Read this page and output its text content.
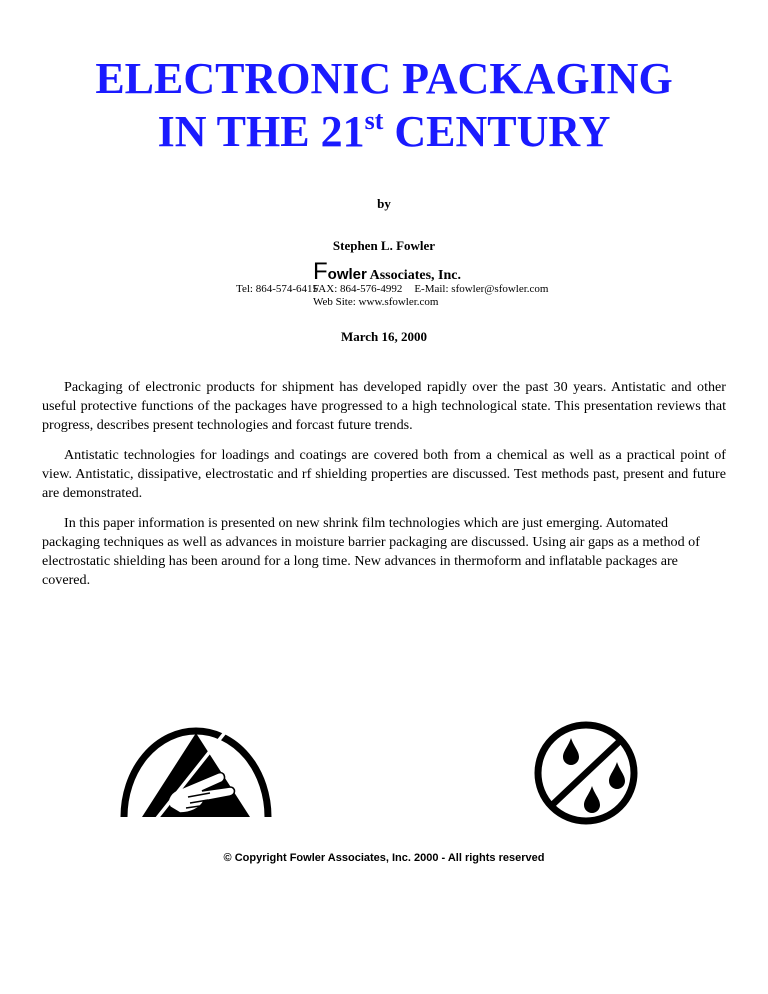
ELECTRONIC PACKAGING
IN THE 21st CENTURY
by
Stephen L. Fowler
Fowler Associates, Inc.
Tel: 864-574-6415
FAX: 864-576-4992 E-Mail: sfowler@sfowler.com
Web Site: www.sfowler.com
March 16, 2000

Packaging of electronic products for shipment has developed rapidly over the past 30 years. Antistatic and other useful protective functions of the packages have progressed to a high technological state. This presentation reviews that progress, describes present technologies and forcast future trends.

Antistatic technologies for loadings and coatings are covered both from a chemical as well as a practical point of view. Antistatic, dissipative, electrostatic and rf shielding properties are discussed. Test methods past, present and future are demonstrated.

In this paper information is presented on new shrink film technologies which are just emerging. Automated packaging techniques as well as advances in moisture barrier packaging are discussed. Using air gaps as a method of electrostatic shielding has been around for a long time. New advances in thermoform and inflatable packages are covered.

© Copyright Fowler Associates, Inc. 2000 - All rights reserved
